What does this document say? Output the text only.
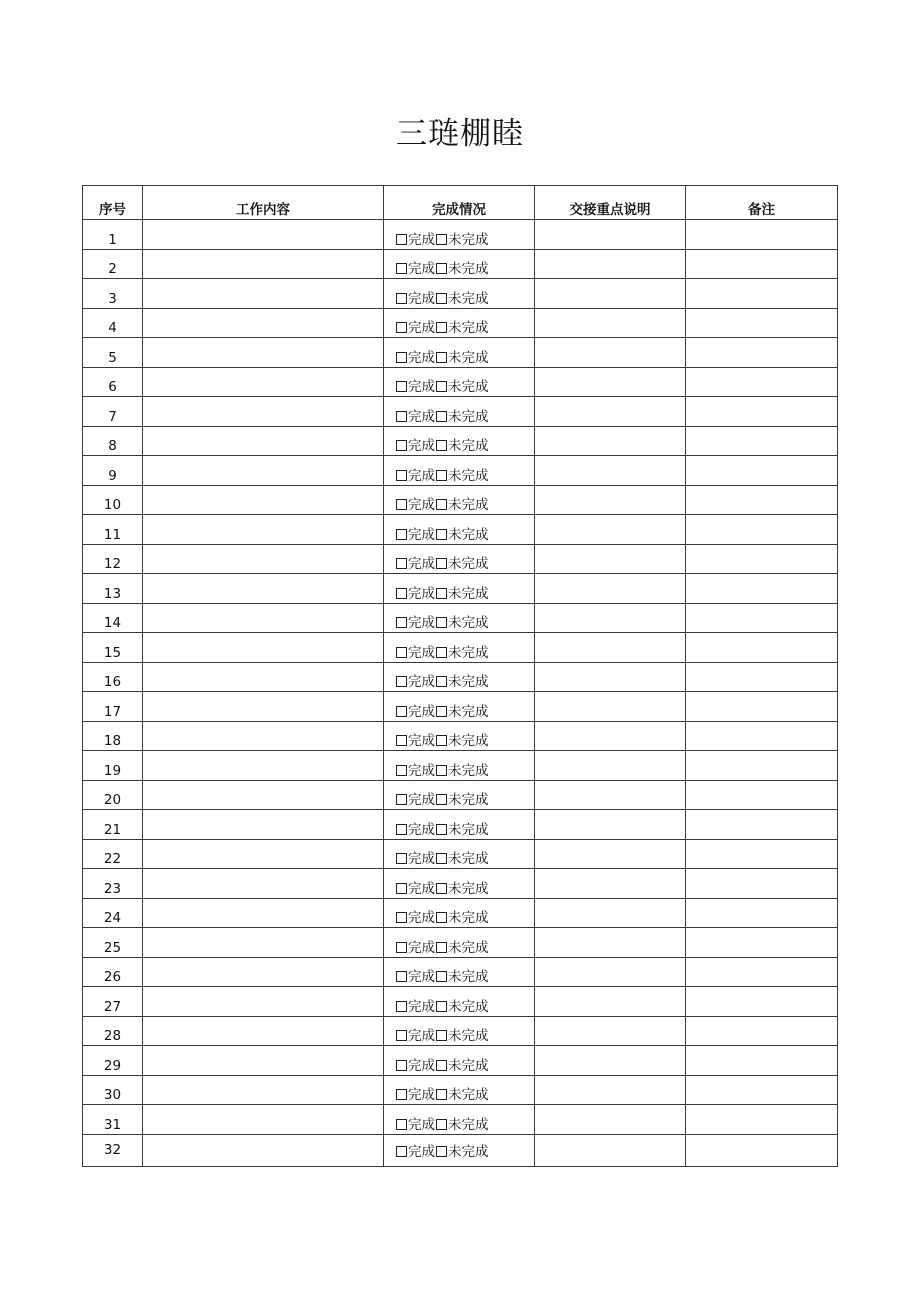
三琏棚睦
序号	工作内容	完成情况	交接重点说明	备注
1		完成 未完成		
2		完成 未完成		
3		完成 未完成		
4		完成 未完成		
5		完成 未完成		
6		完成 未完成		
7		完成 未完成		
8		完成 未完成		
9		完成 未完成		
10		完成 未完成		
11		完成 未完成		
12		完成 未完成		
13		完成 未完成		
14		完成 未完成		
15		完成 未完成		
16		完成 未完成		
17		完成 未完成		
18		完成 未完成		
19		完成 未完成		
20		完成 未完成		
21		完成 未完成		
22		完成 未完成		
23		完成 未完成		
24		完成 未完成		
25		完成 未完成		
26		完成 未完成		
27		完成 未完成		
28		完成 未完成		
29		完成 未完成		
30		完成 未完成		
31		完成 未完成		
32		完成 未完成		
